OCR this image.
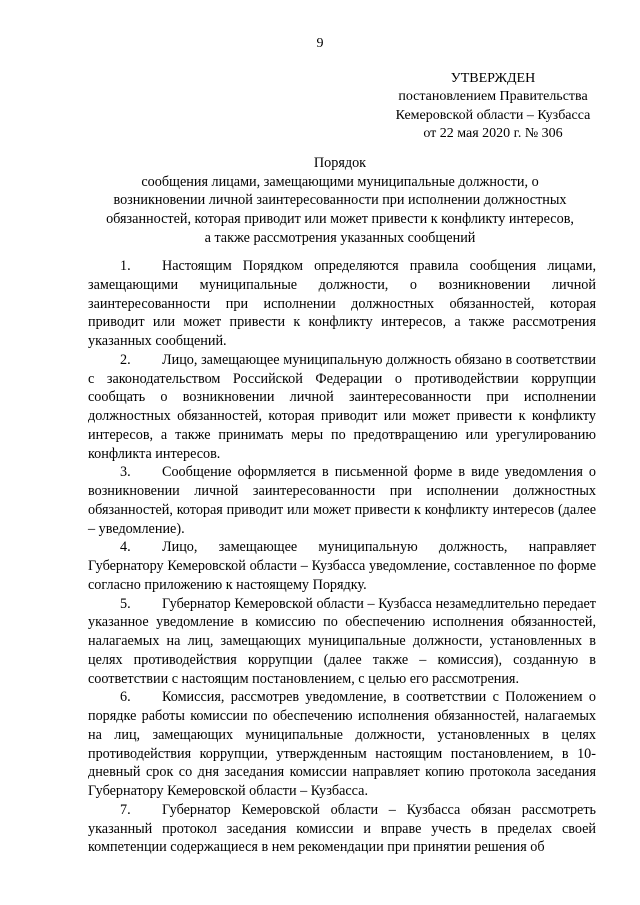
9
УТВЕРЖДЕН
постановлением Правительства
Кемеровской области – Кузбасса
от 22 мая 2020 г. № 306
Порядок
сообщения лицами, замещающими муниципальные должности, о
возникновении личной заинтересованности при исполнении должностных
обязанностей, которая приводит или может привести к конфликту интересов,
а также рассмотрения указанных сообщений

1. Настоящим Порядком определяются правила сообщения лицами, замещающими муниципальные должности, о возникновении личной заинтересованности при исполнении должностных обязанностей, которая приводит или может привести к конфликту интересов, а также рассмотрения указанных сообщений.

2. Лицо, замещающее муниципальную должность обязано в соответствии с законодательством Российской Федерации о противодействии коррупции сообщать о возникновении личной заинтересованности при исполнении должностных обязанностей, которая приводит или может привести к конфликту интересов, а также принимать меры по предотвращению или урегулированию конфликта интересов.

3. Сообщение оформляется в письменной форме в виде уведомления о возникновении личной заинтересованности при исполнении должностных обязанностей, которая приводит или может привести к конфликту интересов (далее – уведомление).

4. Лицо, замещающее муниципальную должность, направляет Губернатору Кемеровской области – Кузбасса уведомление, составленное по форме согласно приложению к настоящему Порядку.

5. Губернатор Кемеровской области – Кузбасса незамедлительно передает указанное уведомление в комиссию по обеспечению исполнения обязанностей, налагаемых на лиц, замещающих муниципальные должности, установленных в целях противодействия коррупции (далее также – комиссия), созданную в соответствии с настоящим постановлением, с целью его рассмотрения.

6. Комиссия, рассмотрев уведомление, в соответствии с Положением о порядке работы комиссии по обеспечению исполнения обязанностей, налагаемых на лиц, замещающих муниципальные должности, установленных в целях противодействия коррупции, утвержденным настоящим постановлением, в 10-дневный срок со дня заседания комиссии направляет копию протокола заседания Губернатору Кемеровской области – Кузбасса.

7. Губернатор Кемеровской области – Кузбасса обязан рассмотреть указанный протокол заседания комиссии и вправе учесть в пределах своей компетенции содержащиеся в нем рекомендации при принятии решения об
